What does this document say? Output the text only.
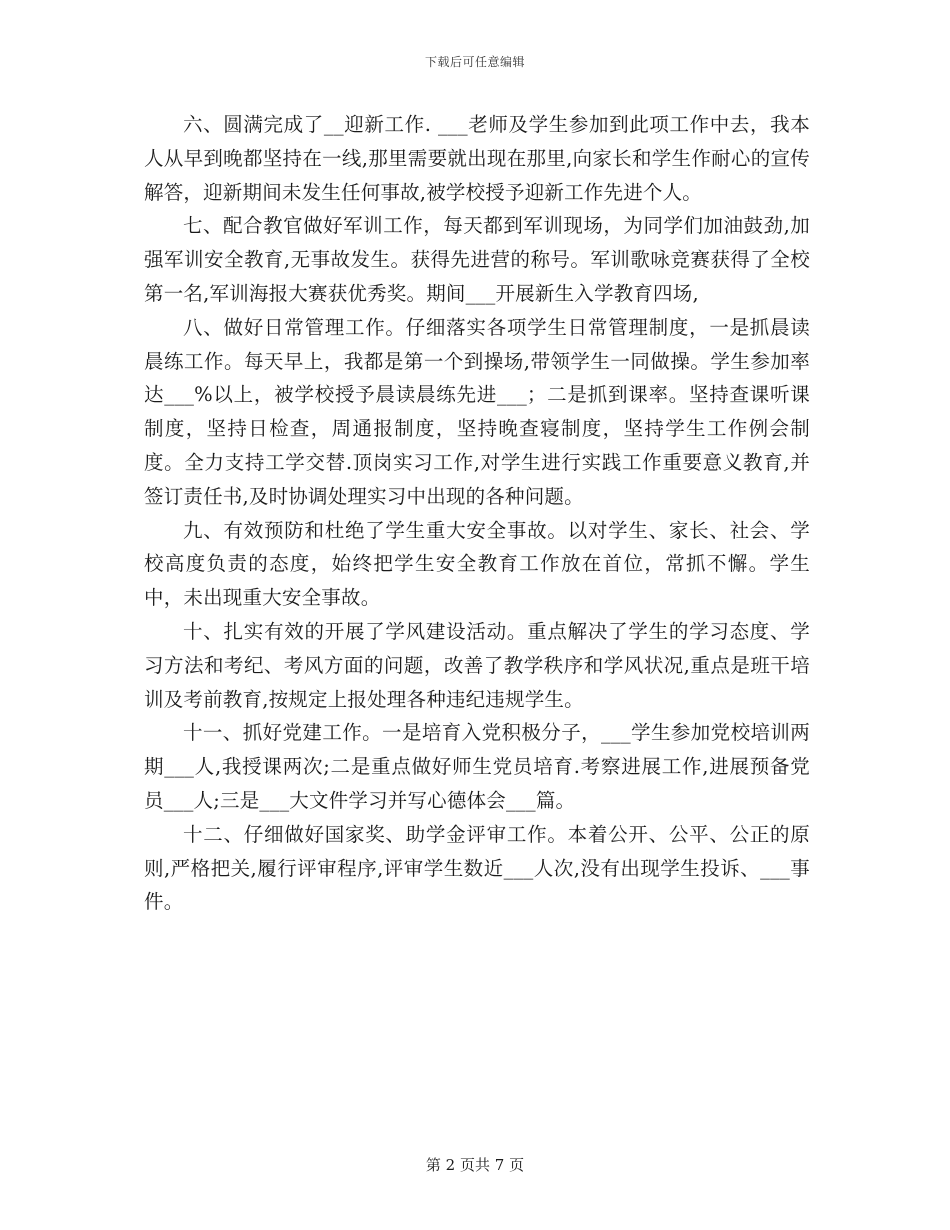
下载后可任意编辑

六、圆满完成了__迎新工作. ___老师及学生参加到此项工作中去，我本人从早到晚都坚持在一线,那里需要就出现在那里,向家长和学生作耐心的宣传解答，迎新期间未发生任何事故,被学校授予迎新工作先进个人。

七、配合教官做好军训工作，每天都到军训现场，为同学们加油鼓劲,加强军训安全教育,无事故发生。获得先进营的称号。军训歌咏竞赛获得了全校第一名,军训海报大赛获优秀奖。期间___开展新生入学教育四场,

八、做好日常管理工作。仔细落实各项学生日常管理制度，一是抓晨读晨练工作。每天早上，我都是第一个到操场,带领学生一同做操。学生参加率达___%以上，被学校授予晨读晨练先进___；二是抓到课率。坚持查课听课制度，坚持日检查，周通报制度，坚持晚查寝制度，坚持学生工作例会制度。全力支持工学交替.顶岗实习工作,对学生进行实践工作重要意义教育,并签订责任书,及时协调处理实习中出现的各种问题。

九、有效预防和杜绝了学生重大安全事故。以对学生、家长、社会、学校高度负责的态度，始终把学生安全教育工作放在首位，常抓不懈。学生中，未出现重大安全事故。

十、扎实有效的开展了学风建设活动。重点解决了学生的学习态度、学习方法和考纪、考风方面的问题，改善了教学秩序和学风状况,重点是班干培训及考前教育,按规定上报处理各种违纪违规学生。

十一、抓好党建工作。一是培育入党积极分子，___学生参加党校培训两期___人,我授课两次;二是重点做好师生党员培育.考察进展工作,进展预备党员___人;三是___大文件学习并写心德体会___篇。

十二、仔细做好国家奖、助学金评审工作。本着公开、公平、公正的原则,严格把关,履行评审程序,评审学生数近___人次,没有出现学生投诉、___事件。

第 2 页共 7 页
